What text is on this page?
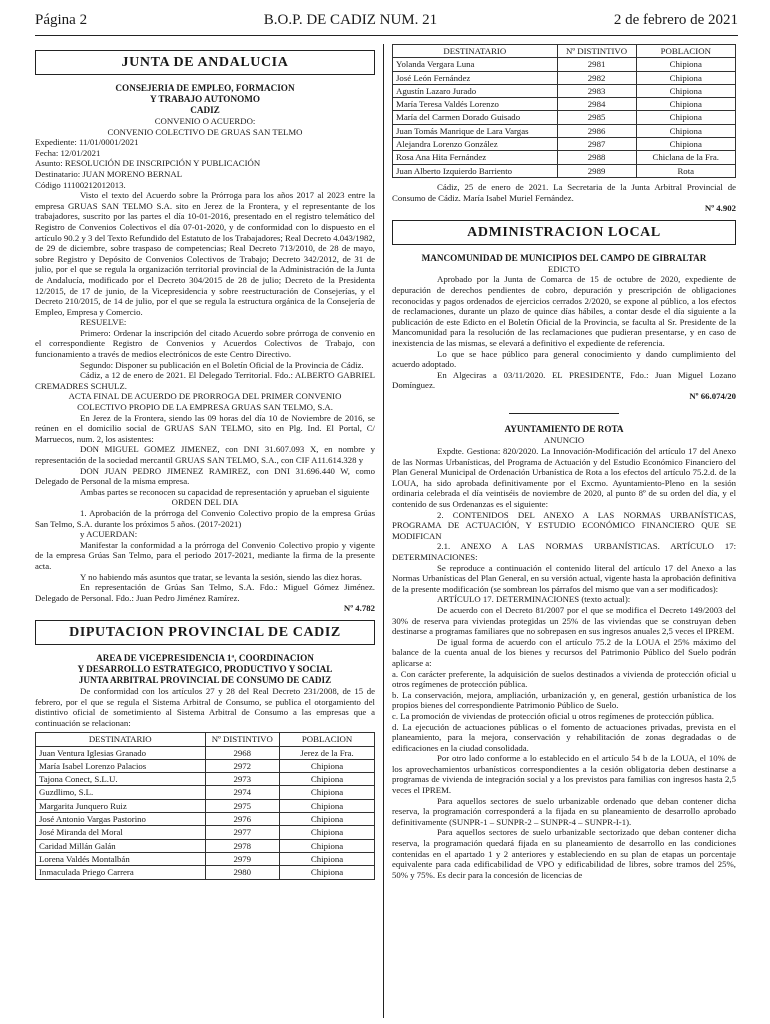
Página 2	B.O.P. DE CADIZ NUM. 21	2 de febrero de 2021
JUNTA DE ANDALUCIA
CONSEJERIA DE EMPLEO, FORMACION
Y TRABAJO AUTONOMO
CADIZ

CONVENIO O ACUERDO:

CONVENIO COLECTIVO DE GRUAS SAN TELMO

Expediente: 11/01/0001/2021

Fecha: 12/01/2021

Asunto: RESOLUCIÓN DE INSCRIPCIÓN Y PUBLICACIÓN

Destinatario: JUAN MORENO BERNAL

Código 11100212012013.

Visto el texto del Acuerdo sobre la Prórroga para los años 2017 al 2023 entre la empresa GRUAS SAN TELMO S.A. sito en Jerez de la Frontera, y el representante de los trabajadores, suscrito por las partes el día 10-01-2016, presentado en el registro telemático del Registro de Convenios Colectivos el día 07-01-2020, y de conformidad con lo dispuesto en el artículo 90.2 y 3 del Texto Refundido del Estatuto de los Trabajadores; Real Decreto 4.043/1982, de 29 de diciembre, sobre traspaso de competencias; Real Decreto 713/2010, de 28 de mayo, sobre Registro y Depósito de Convenios Colectivos de Trabajo; Decreto 342/2012, de 31 de julio, por el que se regula la organización territorial provincial de la Administración de la Junta de Andalucía, modificado por el Decreto 304/2015 de 28 de julio; Decreto de la Presidenta 12/2015, de 17 de junio, de la Vicepresidencia y sobre reestructuración de Consejerías, y el Decreto 210/2015, de 14 de julio, por el que se regula la estructura orgánica de la Consejería de Empleo, Empresa y Comercio.

RESUELVE:

Primero: Ordenar la inscripción del citado Acuerdo sobre prórroga de convenio en el correspondiente Registro de Convenios y Acuerdos Colectivos de Trabajo, con funcionamiento a través de medios electrónicos de este Centro Directivo.

Segundo: Disponer su publicación en el Boletín Oficial de la Provincia de Cádiz.

Cádiz, a 12 de enero de 2021. El Delegado Territorial. Fdo.: ALBERTO GABRIEL CREMADRES SCHULZ.

ACTA FINAL DE ACUERDO DE PRORROGA DEL PRIMER CONVENIO

COLECTIVO PROPIO DE LA EMPRESA GRUAS SAN TELMO, S.A.

En Jerez de la Frontera, siendo las 09 horas del día 10 de Noviembre de 2016, se reúnen en el domicilio social de GRUAS SAN TELMO, sito en Plg. Ind. El Portal, C/ Marruecos, num. 2, los asistentes:

DON MIGUEL GOMEZ JIMENEZ, con DNI 31.607.093 X, en nombre y representación de la sociedad mercantil GRUAS SAN TELMO, S.A., con CIF A11.614.328 y

DON JUAN PEDRO JIMENEZ RAMIREZ, con DNI 31.696.440 W, como Delegado de Personal de la misma empresa.

Ambas partes se reconocen su capacidad de representación y aprueban el siguiente

ORDEN DEL DIA

1. Aprobación de la prórroga del Convenio Colectivo propio de la empresa Grúas San Telmo, S.A. durante los próximos 5 años. (2017-2021)

y ACUERDAN:

Manifestar la conformidad a la prórroga del Convenio Colectivo propio y vigente de la empresa Grúas San Telmo, para el periodo 2017-2021, mediante la firma de la presente acta.

Y no habiendo más asuntos que tratar, se levanta la sesión, siendo las diez horas.

En representación de Grúas San Telmo, S.A. Fdo.: Miguel Gómez Jiménez. Delegado de Personal. Fdo.: Juan Pedro Jiménez Ramírez.

Nº 4.782

DIPUTACION PROVINCIAL DE CADIZ
AREA DE VICEPRESIDENCIA 1ª, COORDINACION
Y DESARROLLO ESTRATEGICO, PRODUCTIVO Y SOCIAL
JUNTA ARBITRAL PROVINCIAL DE CONSUMO DE CADIZ

De conformidad con los artículos 27 y 28 del Real Decreto 231/2008, de 15 de febrero, por el que se regula el Sistema Arbitral de Consumo, se publica el otorgamiento del distintivo oficial de sometimiento al Sistema Arbitral de Consumo a las empresas que a continuación se relacionan:

DESTINATARIO	Nº DISTINTIVO	POBLACION
Juan Ventura Iglesias Granado	2968	Jerez de la Fra.
María Isabel Lorenzo Palacios	2972	Chipiona
Tajona Conect, S.L.U.	2973	Chipiona
Guzdlimo, S.L.	2974	Chipiona
Margarita Junquero Ruiz	2975	Chipiona
José Antonio Vargas Pastorino	2976	Chipiona
José Miranda del Moral	2977	Chipiona
Caridad Millán Galán	2978	Chipiona
Lorena Valdés Montalbán	2979	Chipiona
Inmaculada Priego Carrera	2980	Chipiona
DESTINATARIO	Nº DISTINTIVO	POBLACION
Yolanda Vergara Luna	2981	Chipiona
José León Fernández	2982	Chipiona
Agustín Lazaro Jurado	2983	Chipiona
María Teresa Valdés Lorenzo	2984	Chipiona
María del Carmen Dorado Guisado	2985	Chipiona
Juan Tomás Manrique de Lara Vargas	2986	Chipiona
Alejandra Lorenzo González	2987	Chipiona
Rosa Ana Hita Fernández	2988	Chiclana de la Fra.
Juan Alberto Izquierdo Barriento	2989	Rota

Cádiz, 25 de enero de 2021. La Secretaria de la Junta Arbitral Provincial de Consumo de Cádiz. María Isabel Muriel Fernández.

Nº 4.902

ADMINISTRACION LOCAL
MANCOMUNIDAD DE MUNICIPIOS DEL CAMPO DE GIBRALTAR

EDICTO

Aprobado por la Junta de Comarca de 15 de octubre de 2020, expediente de depuración de derechos pendientes de cobro, depuración y prescripción de obligaciones reconocidas y pagos ordenados de ejercicios cerrados 2/2020, se expone al público, a los efectos de reclamaciones, durante un plazo de quince días hábiles, a contar desde el día siguiente a la publicación de este Edicto en el Boletín Oficial de la Provincia, se faculta al Sr. Presidente de la Mancomunidad para la resolución de las reclamaciones que pudieran presentarse, y en caso de inexistencia de las mismas, se elevará a definitivo el expediente de referencia.

Lo que se hace público para general conocimiento y dando cumplimiento del acuerdo adoptado.

En Algeciras a 03/11/2020. EL PRESIDENTE, Fdo.: Juan Miguel Lozano Domínguez.

Nº 66.074/20

AYUNTAMIENTO DE ROTA

ANUNCIO

Expdte. Gestiona: 820/2020. La Innovación-Modificación del artículo 17 del Anexo de las Normas Urbanísticas, del Programa de Actuación y del Estudio Económico Financiero del Plan General Municipal de Ordenación Urbanística de Rota a los efectos del artículo 75.2.d. de la LOUA, ha sido aprobada definitivamente por el Excmo. Ayuntamiento-Pleno en la sesión ordinaria celebrada el día veintiséis de noviembre de 2020, al punto 8º de su orden del día, y el contenido de sus Ordenanzas es el siguiente:

2. CONTENIDOS DEL ANEXO A LAS NORMAS URBANÍSTICAS, PROGRAMA DE ACTUACIÓN, Y ESTUDIO ECONÓMICO FINANCIERO QUE SE MODIFICAN

2.1. ANEXO A LAS NORMAS URBANÍSTICAS. ARTÍCULO 17: DETERMINACIONES:

Se reproduce a continuación el contenido literal del artículo 17 del Anexo a las Normas Urbanísticas del Plan General, en su versión actual, vigente hasta la aprobación definitiva de la presente modificación (se sombrean los párrafos del mismo que van a ser modificados):

ARTÍCULO 17. DETERMINACIONES (texto actual):

De acuerdo con el Decreto 81/2007 por el que se modifica el Decreto 149/2003 del 30% de reserva para viviendas protegidas un 25% de las viviendas que se construyan deben destinarse a programas familiares que no sobrepasen en sus ingresos anuales 2,5 veces el IPREM.

De igual forma de acuerdo con el artículo 75.2 de la LOUA el 25% máximo del balance de la cuenta anual de los bienes y recursos del Patrimonio Público del Suelo podrán aplicarse a:

a. Con carácter preferente, la adquisición de suelos destinados a vivienda de protección oficial u otros regímenes de protección pública.

b. La conservación, mejora, ampliación, urbanización y, en general, gestión urbanística de los propios bienes del correspondiente Patrimonio Público de Suelo.

c. La promoción de viviendas de protección oficial u otros regímenes de protección pública.

d. La ejecución de actuaciones públicas o el fomento de actuaciones privadas, prevista en el planeamiento, para la mejora, conservación y rehabilitación de zonas degradadas o de edificaciones en la ciudad consolidada.

Por otro lado conforme a lo establecido en el artículo 54 b de la LOUA, el 10% de los aprovechamientos urbanísticos correspondientes a la cesión obligatoria deben destinarse a programas de vivienda de integración social y a los previstos para familias con ingresos hasta 2,5 veces el IPREM.

Para aquellos sectores de suelo urbanizable ordenado que deban contener dicha reserva, la programación corresponderá a la fijada en su planeamiento de desarrollo aprobado definitivamente (SUNPR-1 – SUNPR-2 – SUNPR-4 – SUNPR-I-1).

Para aquellos sectores de suelo urbanizable sectorizado que deban contener dicha reserva, la programación quedará fijada en su planeamiento de desarrollo en las condiciones contenidas en el apartado 1 y 2 anteriores y estableciendo en su plan de etapas un porcentaje equivalente para cada edificabilidad de VPO y edificabilidad de libres, sobre tramos del 25%, 50% y 75%. Es decir para la concesión de licencias de
